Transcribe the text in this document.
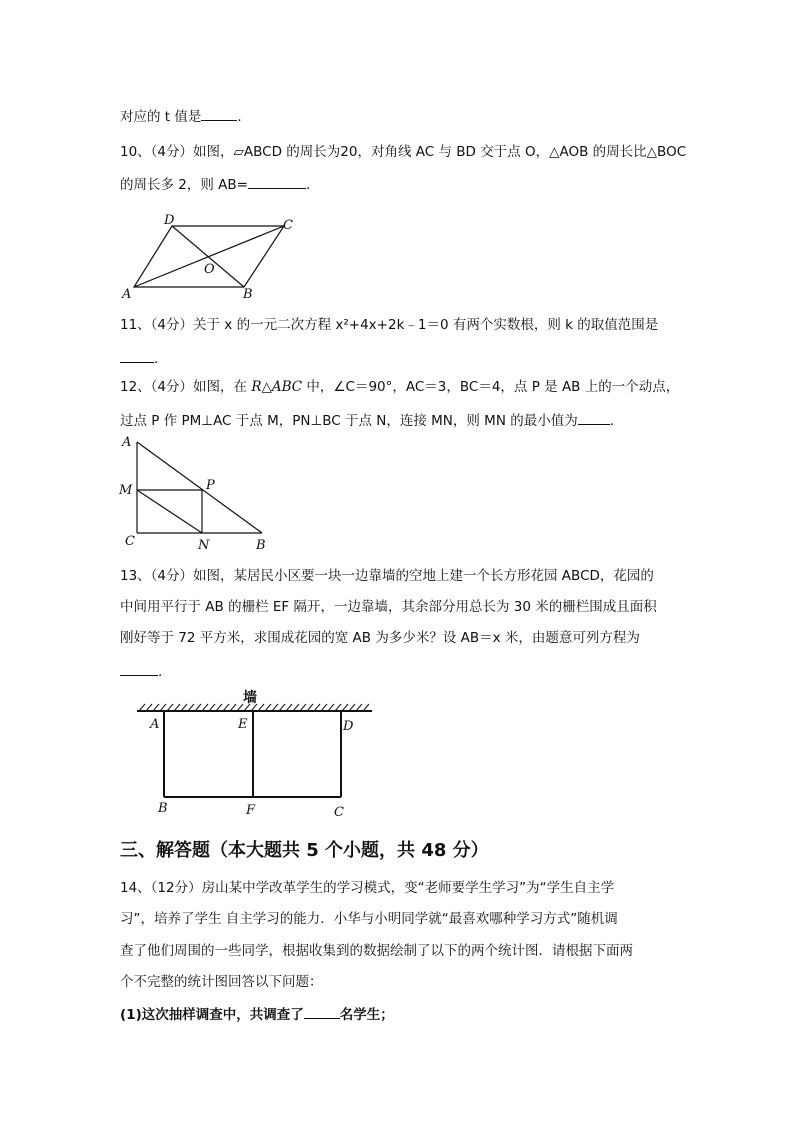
对应的 t 值是	.
10、（4分）如图，▱ABCD 的周长为20，对角线 AC 与 BD 交于点 O，△AOB 的周长比△BOC
的周长多 2，则 AB=	.
D	C
O
A	B
11、（4分）关于 x 的一元二次方程 x²+4x+2k﹣1＝0 有两个实数根，则 k 的取值范围是
.
12、（4分）如图，在 R△ABC 中，∠C＝90°，AC＝3，BC＝4，点 P 是 AB 上的一个动点，
过点 P 作 PM⊥AC 于点 M，PN⊥BC 于点 N，连接 MN，则 MN 的最小值为 .
A
M	P
C	N	B
13、（4分）如图，某居民小区要一块一边靠墙的空地上建一个长方形花园 ABCD，花园的
中间用平行于 AB 的栅栏 EF 隔开，一边靠墙，其余部分用总长为 30 米的栅栏围成且面积
刚好等于 72 平方米，求围成花园的宽 AB 为多少米？设 AB＝x 米，由题意可列方程为
.
墙
A	E	D
B	F	C
三、解答题（本大题共 5 个小题，共 48 分）
14、（12分）房山某中学改革学生的学习模式，变“老师要学生学习”为“学生自主学
习”，培养了学生 自主学习的能力．小华与小明同学就“最喜欢哪种学习方式”随机调
查了他们周围的一些同学，根据收集到的数据绘制了以下的两个统计图．请根据下面两
个不完整的统计图回答以下问题：
(1)这次抽样调查中，共调查了	名学生；
